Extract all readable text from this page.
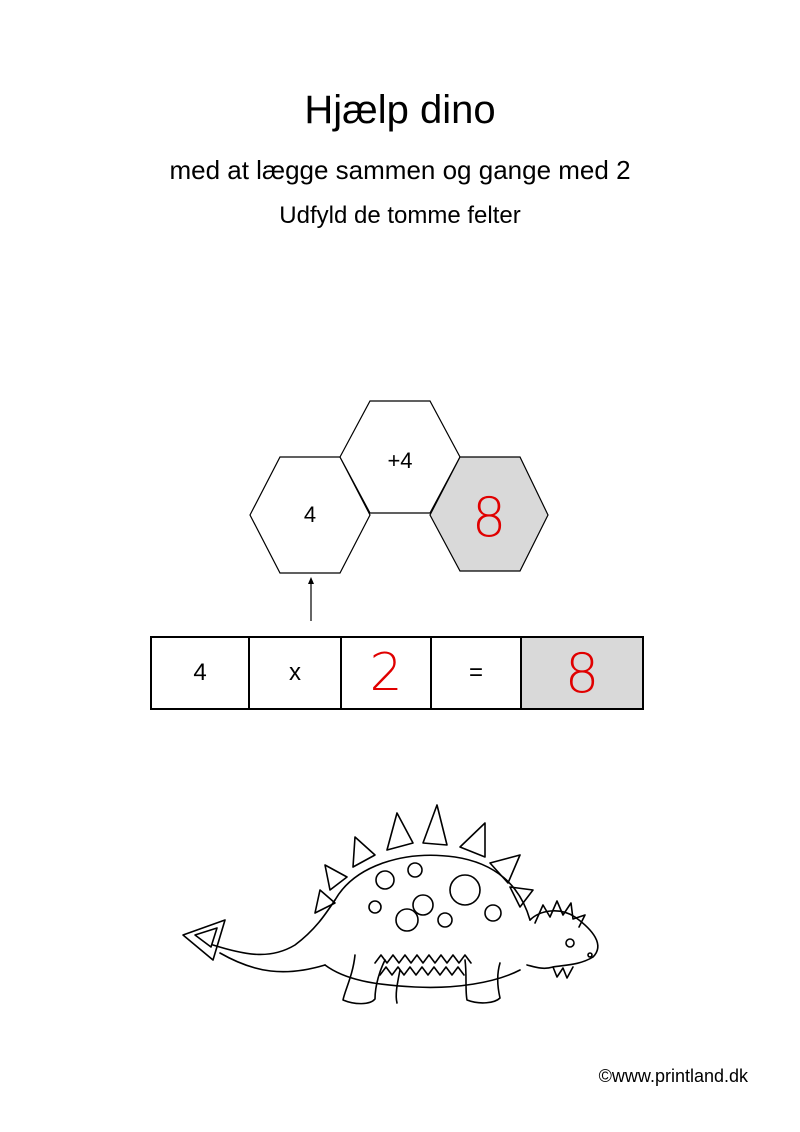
Hjælp dino
med at lægge sammen og gange med 2
Udfyld de tomme felter
4
+4
8
4	x	2	=	8
©www.printland.dk
